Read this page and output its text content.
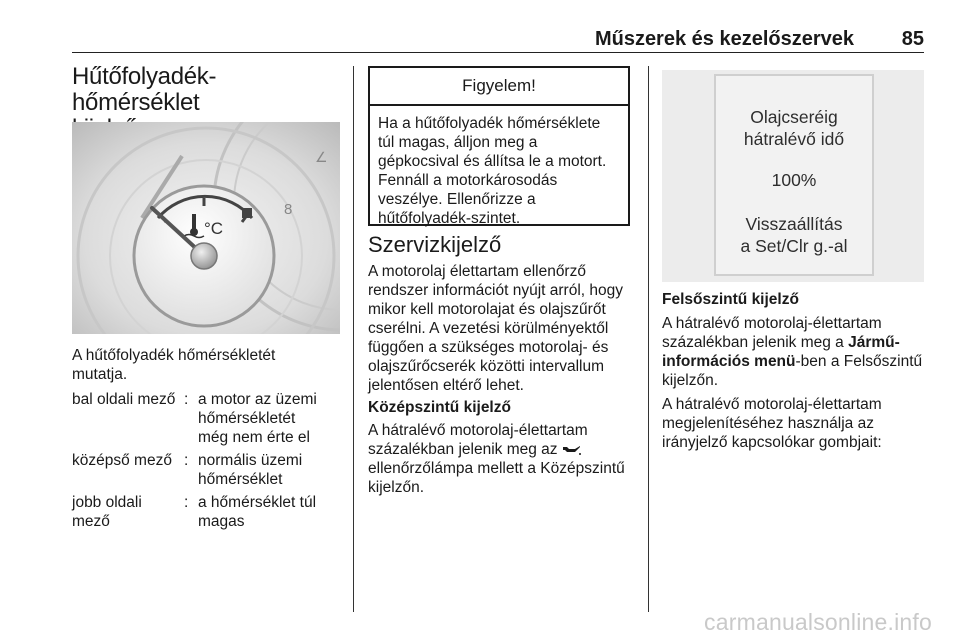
Műszerek és kezelőszervek 85
Hűtőfolyadék-hőmérséklet

∠
8
°C

A hűtőfolyadék hőmérsékletét
mutatja.

bal oldali mező : a motor az üzemi
hőmérsékletét
még nem érte el
középső mező : normális üzemi
hőmérséklet
jobb oldali
mező
: a hőmérséklet túl
magas
Figyelem!
Ha a hűtőfolyadék hőmérséklete
túl magas, álljon meg a
gépkocsival és állítsa le a motort.
Fennáll a motorkárosodás
veszélye. Ellenőrizze a
hűtőfolyadék-szintet.
Szervizkijelző

A motorolaj élettartam ellenőrző
rendszer információt nyújt arról, hogy
mikor kell motorolajat és olajszűrőt
cserélni. A vezetési körülményektől
függően a szükséges motorolaj- és
olajszűrőcserék közötti intervallum
jelentősen eltérő lehet.

Középszintű kijelző

A hátralévő motorolaj-élettartam
százalékban jelenik meg az
ellenőrzőlámpa mellett a Középszintű
kijelzőn.

Olajcseréig
hátralévő idő
100%
Visszaállítás
a Set/Clr g.-al

Felsőszintű kijelző

A hátralévő motorolaj-élettartam
százalékban jelenik meg a Jármű-
információs menü-ben a Felsőszintű
kijelzőn.

A hátralévő motorolaj-élettartam
megjelenítéséhez használja az
irányjelző kapcsolókar gombjait:

carmanualsonline.info
